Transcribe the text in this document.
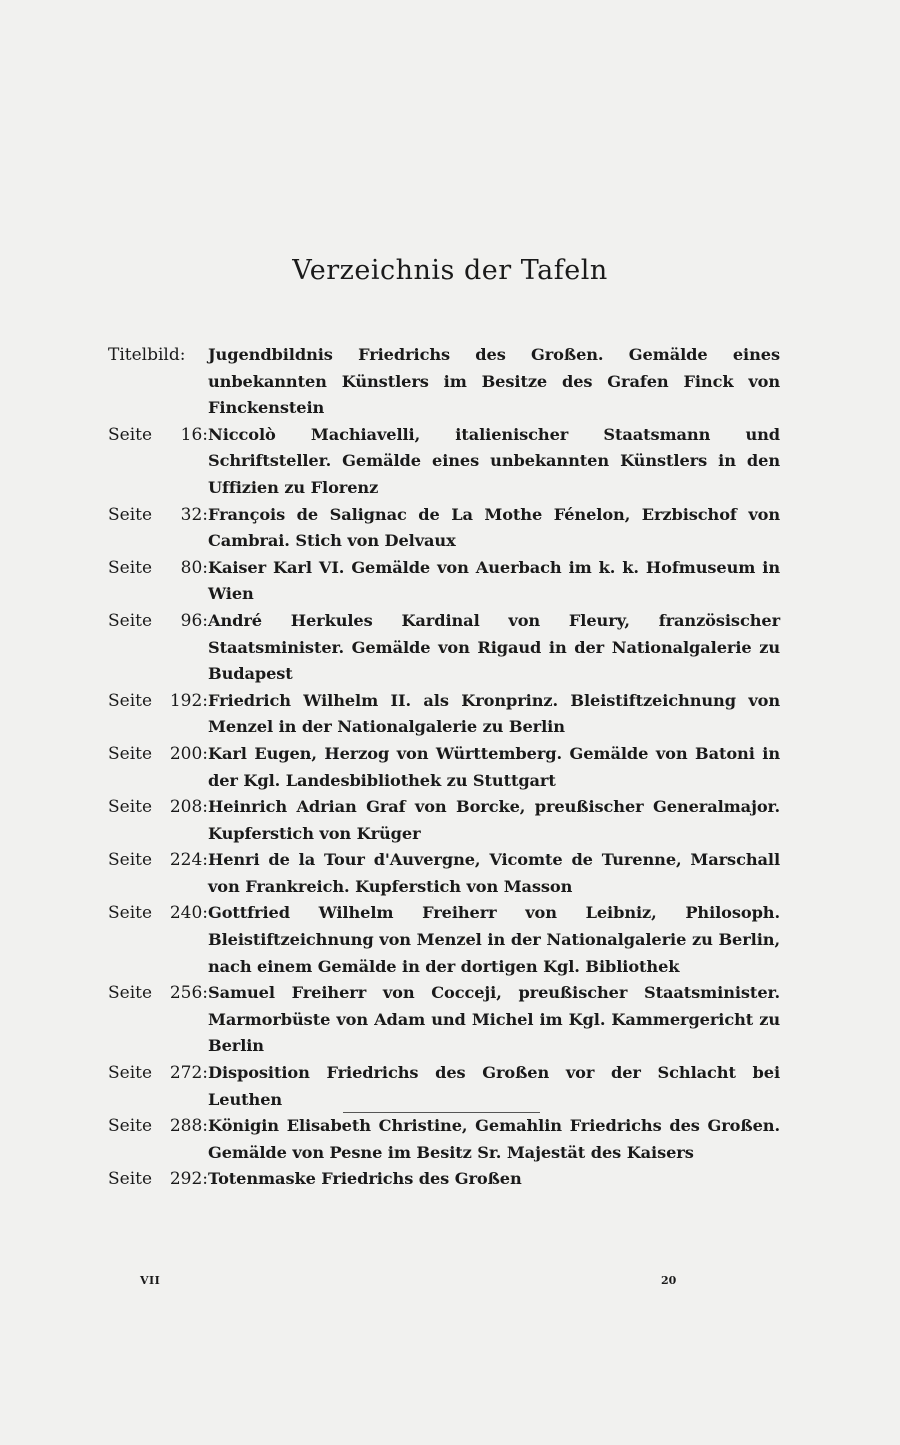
Verzeichnis der Tafeln
Titelbild: Jugendbildnis Friedrichs des Großen. Gemälde eines unbekannten Künstlers im Besitze des Grafen Finck von Finckenstein
Seite 16: Niccolò Machiavelli, italienischer Staatsmann und Schriftsteller. Gemälde eines unbekannten Künstlers in den Uffizien zu Florenz
Seite 32: François de Salignac de La Mothe Fénelon, Erzbischof von Cambrai. Stich von Delvaux
Seite 80: Kaiser Karl VI. Gemälde von Auerbach im k. k. Hofmuseum in Wien
Seite 96: André Herkules Kardinal von Fleury, französischer Staatsminister. Gemälde von Rigaud in der Nationalgalerie zu Budapest
Seite 192: Friedrich Wilhelm II. als Kronprinz. Bleistiftzeichnung von Menzel in der Nationalgalerie zu Berlin
Seite 200: Karl Eugen, Herzog von Württemberg. Gemälde von Batoni in der Kgl. Landesbibliothek zu Stuttgart
Seite 208: Heinrich Adrian Graf von Borcke, preußischer Generalmajor. Kupferstich von Krüger
Seite 224: Henri de la Tour d'Auvergne, Vicomte de Turenne, Marschall von Frankreich. Kupferstich von Masson
Seite 240: Gottfried Wilhelm Freiherr von Leibniz, Philosoph. Bleistiftzeichnung von Menzel in der Nationalgalerie zu Berlin, nach einem Gemälde in der dortigen Kgl. Bibliothek
Seite 256: Samuel Freiherr von Cocceji, preußischer Staatsminister. Marmorbüste von Adam und Michel im Kgl. Kammergericht zu Berlin
Seite 272: Disposition Friedrichs des Großen vor der Schlacht bei Leuthen
Seite 288: Königin Elisabeth Christine, Gemahlin Friedrichs des Großen. Gemälde von Pesne im Besitz Sr. Majestät des Kaisers
Seite 292: Totenmaske Friedrichs des Großen
VII	20
